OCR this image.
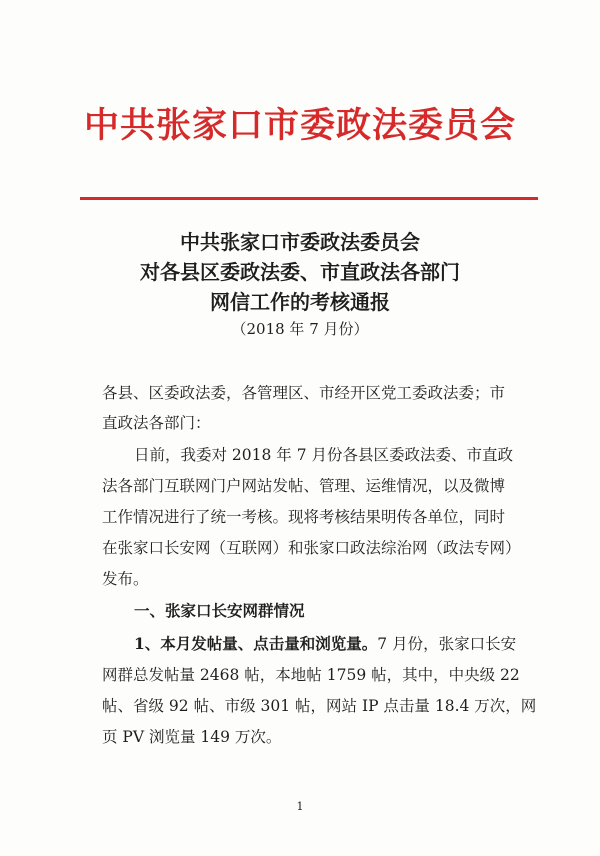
中共张家口市委政法委员会
中共张家口市委政法委员会
对各县区委政法委、市直政法各部门
网信工作的考核通报
（2018 年 7 月份）
各县、区委政法委，各管理区、市经开区党工委政法委；市
直政法各部门：
日前，我委对 2018 年 7 月份各县区委政法委、市直政
法各部门互联网门户网站发帖、管理、运维情况，以及微博
工作情况进行了统一考核。现将考核结果明传各单位，同时
在张家口长安网（互联网）和张家口政法综治网（政法专网）
发布。
一、张家口长安网群情况
1、本月发帖量、点击量和浏览量。7 月份，张家口长安
网群总发帖量 2468 帖，本地帖 1759 帖，其中，中央级 22
帖、省级 92 帖、市级 301 帖，网站 IP 点击量 18.4 万次，网
页 PV 浏览量 149 万次。
1
